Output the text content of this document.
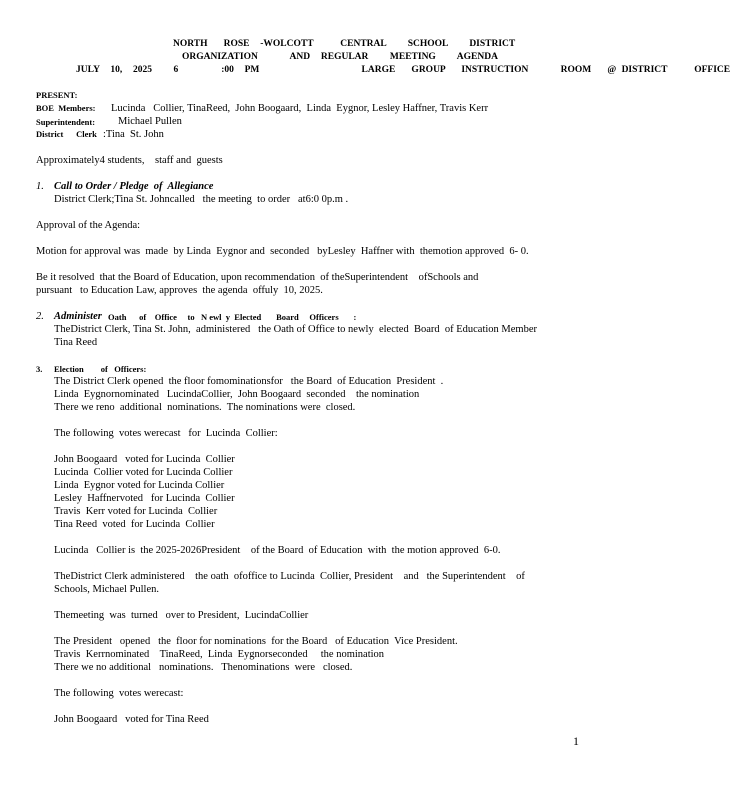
NORTH   ROSE  -WOLCOTT     CENTRAL    SCHOOL    DISTRICT
ORGANIZATION      AND  REGULAR    MEETING    AGENDA
JULY  10,  2025    6        :00  PM                   LARGE   GROUP   INSTRUCTION      ROOM   @ DISTRICT     OFFICE
PRESENT:
BOE  Members: Lucinda   Collier, TinaReed,  John Boogaard,  Linda  Eygnor, Lesley Haffner, Travis Kerr
Superintendent: Michael Pullen
District      Clerk :Tina  St. John
Approximately4 students,    staff and  guests
1. Call to Order / Pledge  of  Allegiance
District Clerk;Tina St. Johncalled   the meeting  to order   at6:0 0p.m .
Approval of the Agenda:
Motion for approval was  made  by Linda  Eygnor and  seconded   byLesley  Haffner with  themotion approved  6- 0.
Be it resolved  that the Board of Education, upon recommendation  of theSuperintendent    ofSchools and
pursuant   to Education Law, approves  the agenda  offuly  10, 2025.
2. Administer Oath      of    Office     to   N ewl  y  Elected       Board     Officers       :
TheDistrict Clerk, Tina St. John,  administered   the Oath of Office to newly  elected  Board  of Education Member
Tina Reed
3. Election        of   Officers:
The District Clerk opened  the floor fomominationsfor   the Board  of Education  President  .
Linda  Eygnornominated   LucindaCollier,  John Boogaard  seconded    the nomination
There we reno  additional  nominations.  The nominations were  closed.
The following  votes werecast   for  Lucinda  Collier:
John Boogaard   voted for Lucinda  Collier
Lucinda  Collier voted for Lucinda Collier
Linda  Eygnor voted for Lucinda Collier
Lesley  Haffnervoted   for Lucinda  Collier
Travis  Kerr voted for Lucinda  Collier
Tina Reed  voted  for Lucinda  Collier
Lucinda   Collier is  the 2025-2026President    of the Board  of Education  with  the motion approved  6-0.
TheDistrict Clerk administered    the oath  ofoffice to Lucinda  Collier, President    and   the Superintendent    of
Schools, Michael Pullen.
Themeeting  was  turned   over to President,  LucindaCollier
The President   opened   the  floor for nominations  for the Board   of Education  Vice President.
Travis  Kerrnominated    TinaReed,  Linda  Eygnorseconded     the nomination
There we no additional   nominations.   Thenominations  were   closed.
The following  votes werecast:
John Boogaard   voted for Tina Reed
1
